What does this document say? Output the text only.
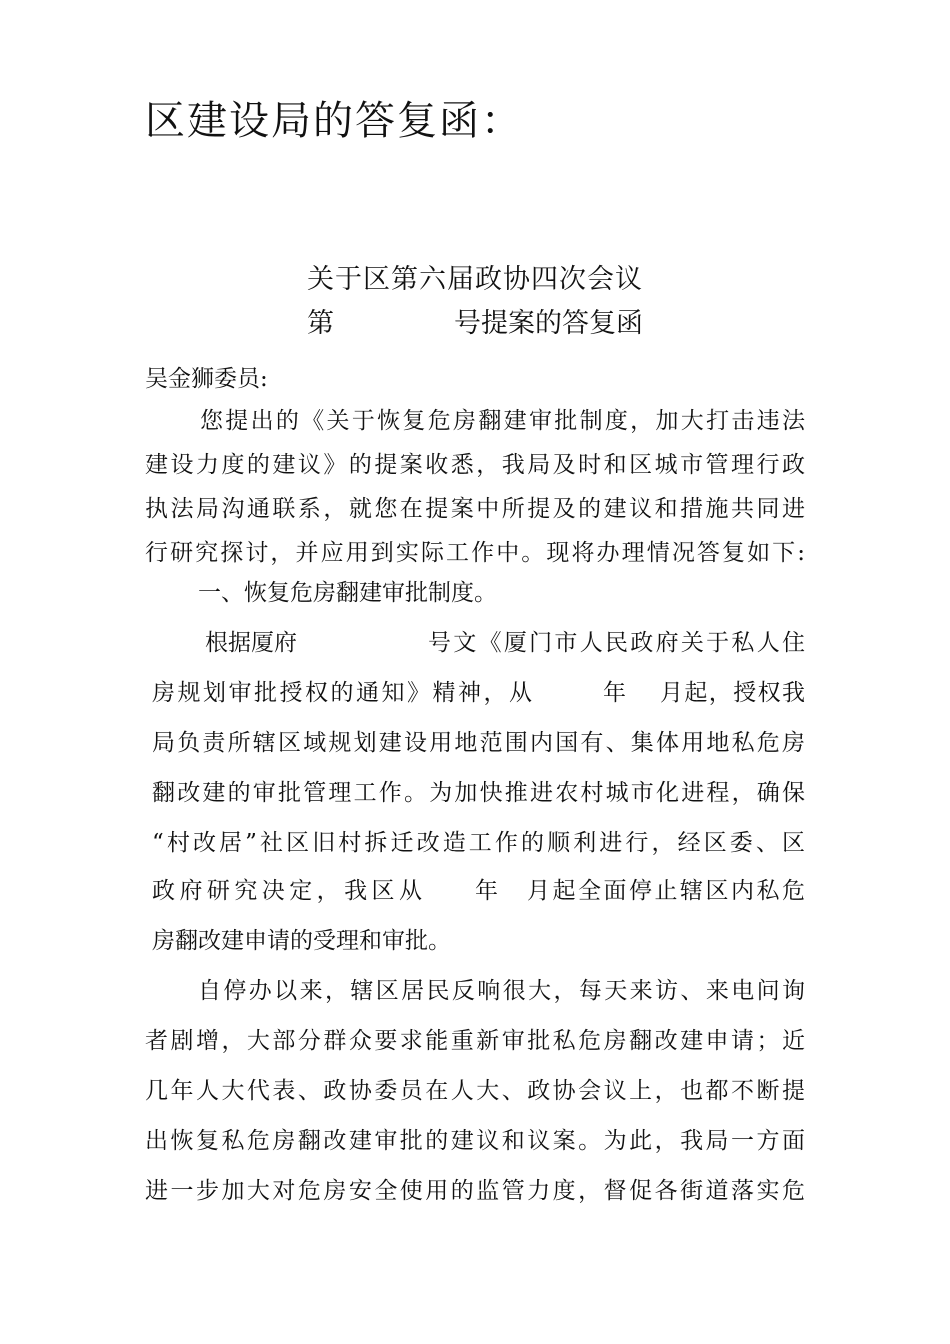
区建设局的答复函：
关于区第六届政协四次会议
第	号提案的答复函
吴金狮委员:
您提出的《关于恢复危房翻建审批制度，加大打击违法
建设力度的建议》的提案收悉，我局及时和区城市管理行政
执法局沟通联系，就您在提案中所提及的建议和措施共同进
行研究探讨，并应用到实际工作中。现将办理情况答复如下:
一、恢复危房翻建审批制度。
根据厦府	号文《厦门市人民政府关于私人住
房规划审批授权的通知》精神，从	年	月起，授权我
局负责所辖区域规划建设用地范围内国有、集体用地私危房
翻改建的审批管理工作。为加快推进农村城市化进程，确保
“村改居”社区旧村拆迁改造工作的顺利进行，经区委、区
政府研究决定，我区从 年	月起全面停止辖区内私危
房翻改建申请的受理和审批。
自停办以来，辖区居民反响很大，每天来访、来电问询
者剧增，大部分群众要求能重新审批私危房翻改建申请；近
几年人大代表、政协委员在人大、政协会议上，也都不断提
出恢复私危房翻改建审批的建议和议案。为此，我局一方面
进一步加大对危房安全使用的监管力度，督促各街道落实危
